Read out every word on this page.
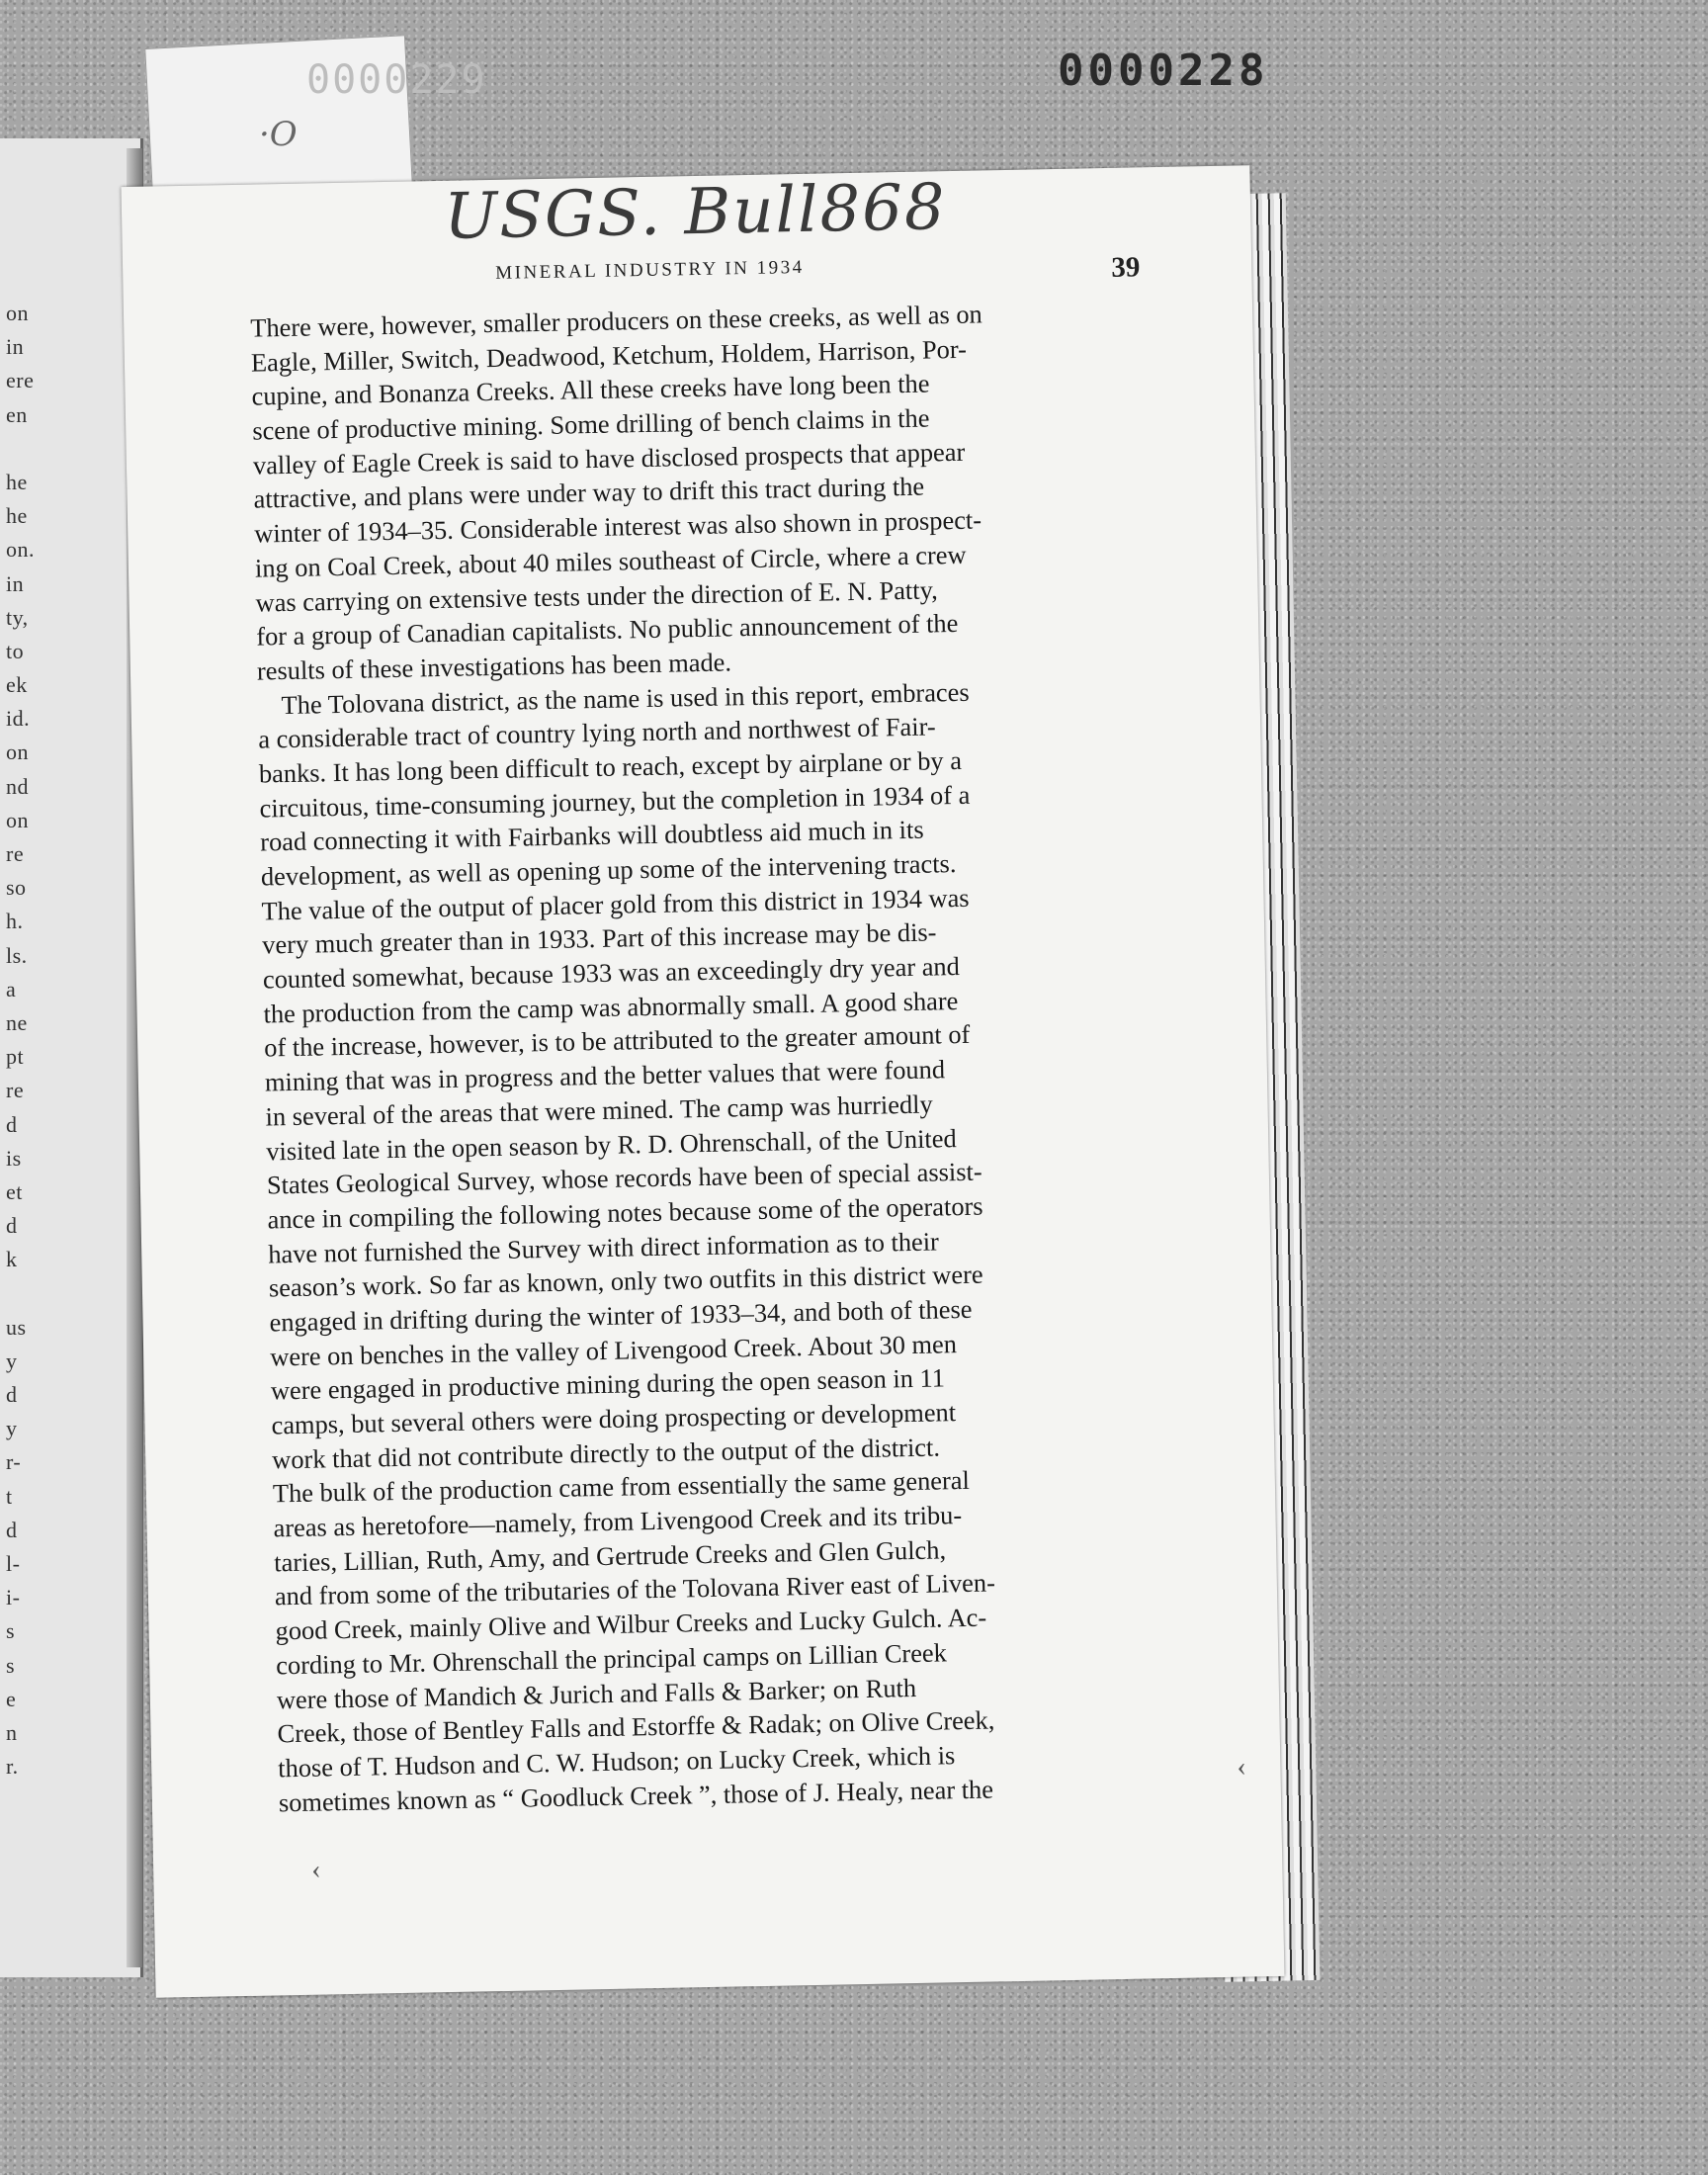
on
in
ere
en
he
he
on.
in
ty,
to
ek
id.
on
nd
on
re
so
h.
ls.
a
ne
pt
re
d
is
et
d
k
us
y
d
y
r-
t
d
l-
i-
s
s
e
n
r.
0000229
·O
0000228
USGS. Bull868
MINERAL INDUSTRY IN 1934	39
There were, however, smaller producers on these creeks, as well as on
Eagle, Miller, Switch, Deadwood, Ketchum, Holdem, Harrison, Por-
cupine, and Bonanza Creeks. All these creeks have long been the
scene of productive mining. Some drilling of bench claims in the
valley of Eagle Creek is said to have disclosed prospects that appear
attractive, and plans were under way to drift this tract during the
winter of 1934–35. Considerable interest was also shown in prospect-
ing on Coal Creek, about 40 miles southeast of Circle, where a crew
was carrying on extensive tests under the direction of E. N. Patty,
for a group of Canadian capitalists. No public announcement of the
results of these investigations has been made.
The Tolovana district, as the name is used in this report, embraces
a considerable tract of country lying north and northwest of Fair-
banks. It has long been difficult to reach, except by airplane or by a
circuitous, time-consuming journey, but the completion in 1934 of a
road connecting it with Fairbanks will doubtless aid much in its
development, as well as opening up some of the intervening tracts.
The value of the output of placer gold from this district in 1934 was
very much greater than in 1933. Part of this increase may be dis-
counted somewhat, because 1933 was an exceedingly dry year and
the production from the camp was abnormally small. A good share
of the increase, however, is to be attributed to the greater amount of
mining that was in progress and the better values that were found
in several of the areas that were mined. The camp was hurriedly
visited late in the open season by R. D. Ohrenschall, of the United
States Geological Survey, whose records have been of special assist-
ance in compiling the following notes because some of the operators
have not furnished the Survey with direct information as to their
season’s work. So far as known, only two outfits in this district were
engaged in drifting during the winter of 1933–34, and both of these
were on benches in the valley of Livengood Creek. About 30 men
were engaged in productive mining during the open season in 11
camps, but several others were doing prospecting or development
work that did not contribute directly to the output of the district.
The bulk of the production came from essentially the same general
areas as heretofore—namely, from Livengood Creek and its tribu-
taries, Lillian, Ruth, Amy, and Gertrude Creeks and Glen Gulch,
and from some of the tributaries of the Tolovana River east of Liven-
good Creek, mainly Olive and Wilbur Creeks and Lucky Gulch. Ac-
cording to Mr. Ohrenschall the principal camps on Lillian Creek
were those of Mandich & Jurich and Falls & Barker; on Ruth
Creek, those of Bentley Falls and Estorffe & Radak; on Olive Creek,
those of T. Hudson and C. W. Hudson; on Lucky Creek, which is
sometimes known as “ Goodluck Creek ”, those of J. Healy, near the
‹
‹
